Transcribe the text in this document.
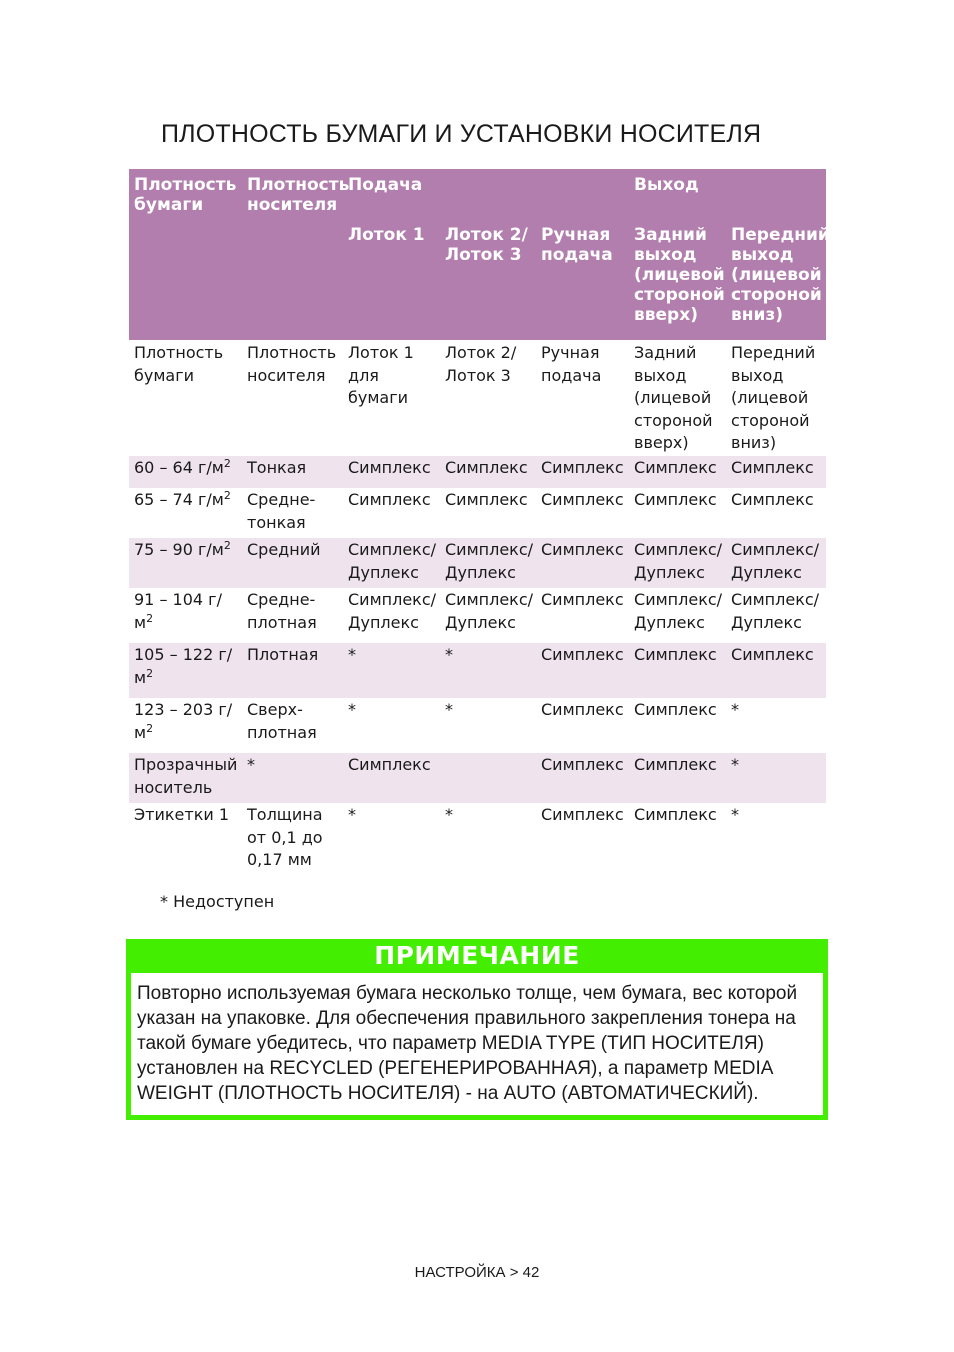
ПЛОТНОСТЬ БУМАГИ И УСТАНОВКИ НОСИТЕЛЯ
Плотность бумаги	Плотность носителя	Подача			Выход	
		Лоток 1	Лоток 2/ Лоток 3	Ручная подача	Задний выход (лицевой стороной вверх)	Передний выход (лицевой стороной вниз)
Плотность бумаги	Плотность носителя	Лоток 1 для бумаги	Лоток 2/ Лоток 3	Ручная подача	Задний выход (лицевой стороной вверх)	Передний выход (лицевой стороной вниз)
60 – 64 $г/м^2$	Тонкая	Симплекс	Симплекс	Симплекс	Симплекс	Симплекс
65 – 74 $г/м^2$	Средне-тонкая	Симплекс	Симплекс	Симплекс	Симплекс	Симплекс
75 – 90 $г/м^2$	Средний	Симплекс/ Дуплекс	Симплекс/ Дуплекс	Симплекс	Симплекс/ Дуплекс	Симплекс/ Дуплекс
91 – 104 г/ $м^2$	Средне-плотная	Симплекс/ Дуплекс	Симплекс/ Дуплекс	Симплекс	Симплекс/ Дуплекс	Симплекс/ Дуплекс
105 – 122 г/ $м^2$	Плотная	*	*	Симплекс	Симплекс	Симплекс
123 – 203 г/ $м^2$	Сверх-плотная	*	*	Симплекс	Симплекс	*
Прозрачный носитель	*	Симплекс		Симплекс	Симплекс	*
Этикетки 1	Толщина от 0,1 до 0,17 мм	*	*	Симплекс	Симплекс	*
* Недоступен
ПРИМЕЧАНИЕ
Повторно используемая бумага несколько толще, чем бумага, вес которой указан на упаковке. Для обеспечения правильного закрепления тонера на такой бумаге убедитесь, что параметр MEDIA TYPE (ТИП НОСИТЕЛЯ) установлен на RECYCLED (РЕГЕНЕРИРОВАННАЯ), а параметр MEDIA WEIGHT (ПЛОТНОСТЬ НОСИТЕЛЯ) - на AUTO (АВТОМАТИЧЕСКИЙ).
НАСТРОЙКА > 42
